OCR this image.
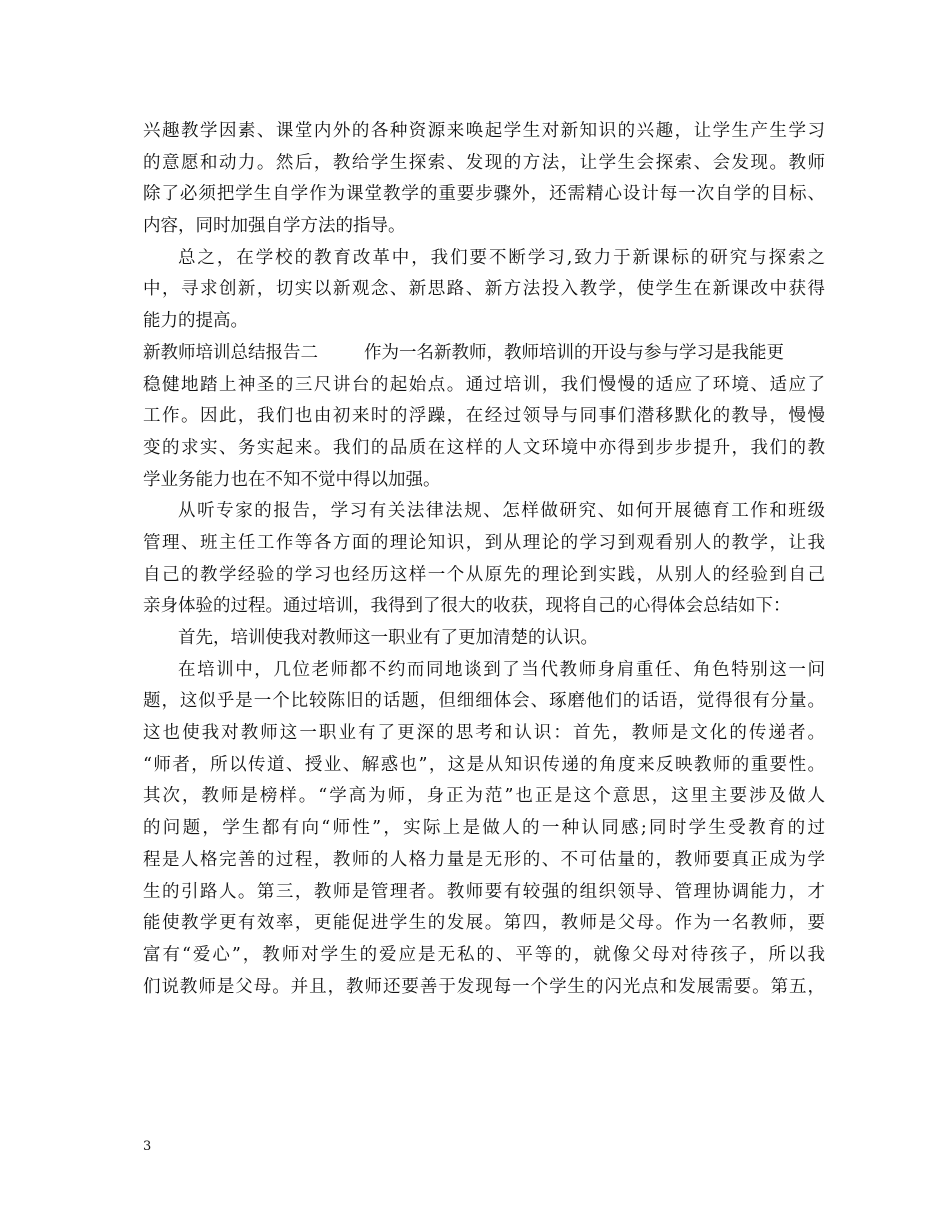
兴趣教学因素、课堂内外的各种资源来唤起学生对新知识的兴趣，让学生产生学习
的意愿和动力。然后，教给学生探索、发现的方法，让学生会探索、会发现。教师
除了必须把学生自学作为课堂教学的重要步骤外，还需精心设计每一次自学的目标、
内容，同时加强自学方法的指导。
总之，在学校的教育改革中，我们要不断学习,致力于新课标的研究与探索之
中，寻求创新，切实以新观念、新思路、新方法投入教学，使学生在新课改中获得
能力的提高。
新教师培训总结报告二	作为一名新教师，教师培训的开设与参与学习是我能更
稳健地踏上神圣的三尺讲台的起始点。通过培训，我们慢慢的适应了环境、适应了
工作。因此，我们也由初来时的浮躁，在经过领导与同事们潜移默化的教导，慢慢
变的求实、务实起来。我们的品质在这样的人文环境中亦得到步步提升，我们的教
学业务能力也在不知不觉中得以加强。
从听专家的报告，学习有关法律法规、怎样做研究、如何开展德育工作和班级
管理、班主任工作等各方面的理论知识，到从理论的学习到观看别人的教学，让我
自己的教学经验的学习也经历这样一个从原先的理论到实践，从别人的经验到自己
亲身体验的过程。通过培训，我得到了很大的收获，现将自己的心得体会总结如下：
首先，培训使我对教师这一职业有了更加清楚的认识。
在培训中，几位老师都不约而同地谈到了当代教师身肩重任、角色特别这一问
题，这似乎是一个比较陈旧的话题，但细细体会、琢磨他们的话语，觉得很有分量。
这也使我对教师这一职业有了更深的思考和认识：首先，教师是文化的传递者。
“师者，所以传道、授业、解惑也”，这是从知识传递的角度来反映教师的重要性。
其次，教师是榜样。“学高为师，身正为范”也正是这个意思，这里主要涉及做人
的问题，学生都有向“师性”，实际上是做人的一种认同感;同时学生受教育的过
程是人格完善的过程，教师的人格力量是无形的、不可估量的，教师要真正成为学
生的引路人。第三，教师是管理者。教师要有较强的组织领导、管理协调能力，才
能使教学更有效率，更能促进学生的发展。第四，教师是父母。作为一名教师，要
富有“爱心”，教师对学生的爱应是无私的、平等的，就像父母对待孩子，所以我
们说教师是父母。并且，教师还要善于发现每一个学生的闪光点和发展需要。第五，
3
